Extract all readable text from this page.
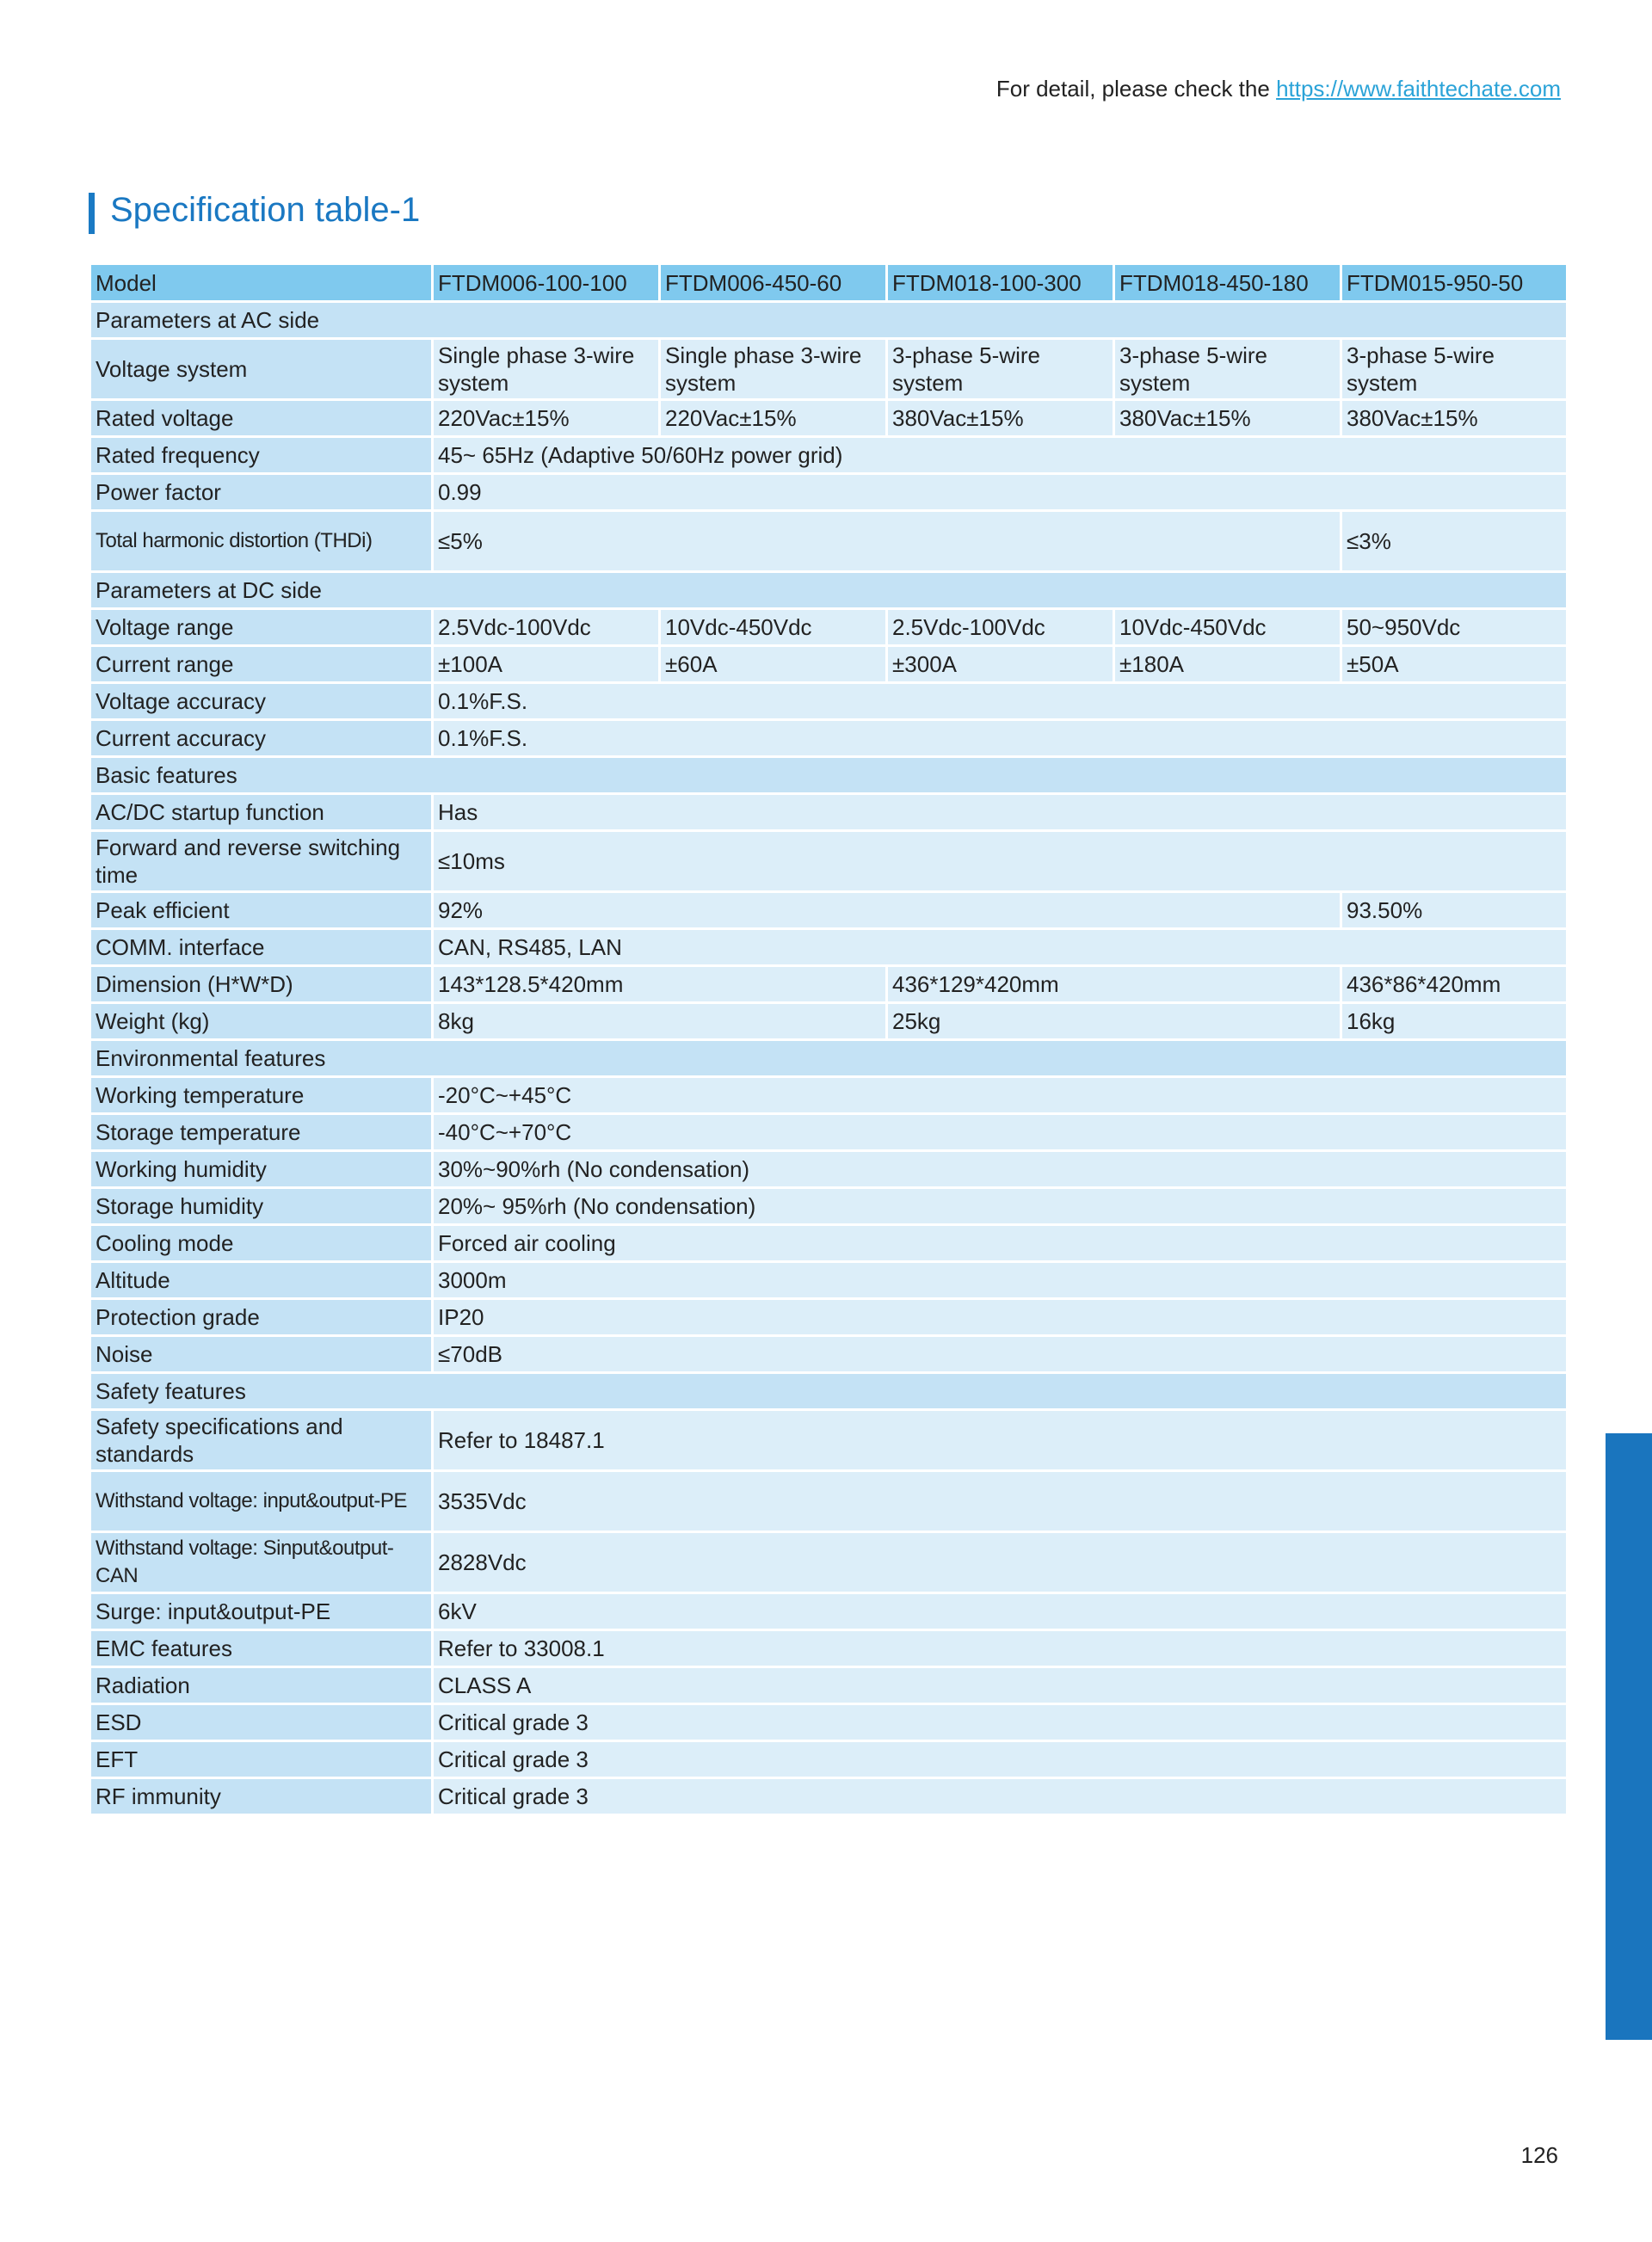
For detail, please check the https://www.faithtechate.com
Specification table-1
Model	FTDM006-100-100	FTDM006-450-60	FTDM018-100-300	FTDM018-450-180	FTDM015-950-50
Parameters at AC side					
Voltage system	Single phase 3-wire system	Single phase 3-wire system	3-phase 5-wire system	3-phase 5-wire system	3-phase 5-wire system
Rated voltage	220Vac±15%	220Vac±15%	380Vac±15%	380Vac±15%	380Vac±15%
Rated frequency	45~ 65Hz (Adaptive 50/60Hz power grid)				
Power factor	0.99				
Total harmonic distortion (THDi)	≤5%				≤3%
Parameters at DC side					
Voltage range	2.5Vdc-100Vdc	10Vdc-450Vdc	2.5Vdc-100Vdc	10Vdc-450Vdc	50~950Vdc
Current range	±100A	±60A	±300A	±180A	±50A
Voltage accuracy	0.1%F.S.				
Current accuracy	0.1%F.S.				
Basic features					
AC/DC startup function	Has				
Forward and reverse switching time	≤10ms				
Peak efficient	92%				93.50%
COMM. interface	CAN, RS485, LAN				
Dimension (H*W*D)	143*128.5*420mm		436*129*420mm		436*86*420mm
Weight (kg)	8kg		25kg		16kg
Environmental features					
Working temperature	-20°C~+45°C				
Storage temperature	-40°C~+70°C				
Working humidity	30%~90%rh (No condensation)				
Storage humidity	20%~ 95%rh (No condensation)				
Cooling mode	Forced air cooling				
Altitude	3000m				
Protection grade	IP20				
Noise	≤70dB				
Safety features					
Safety specifications and standards	Refer to 18487.1				
Withstand voltage: input&output-PE	3535Vdc				
Withstand voltage: Sinput&output-CAN	2828Vdc				
Surge: input&output-PE	6kV				
EMC features	Refer to 33008.1				
Radiation	CLASS A				
ESD	Critical grade 3				
EFT	Critical grade 3				
RF immunity	Critical grade 3				
126
